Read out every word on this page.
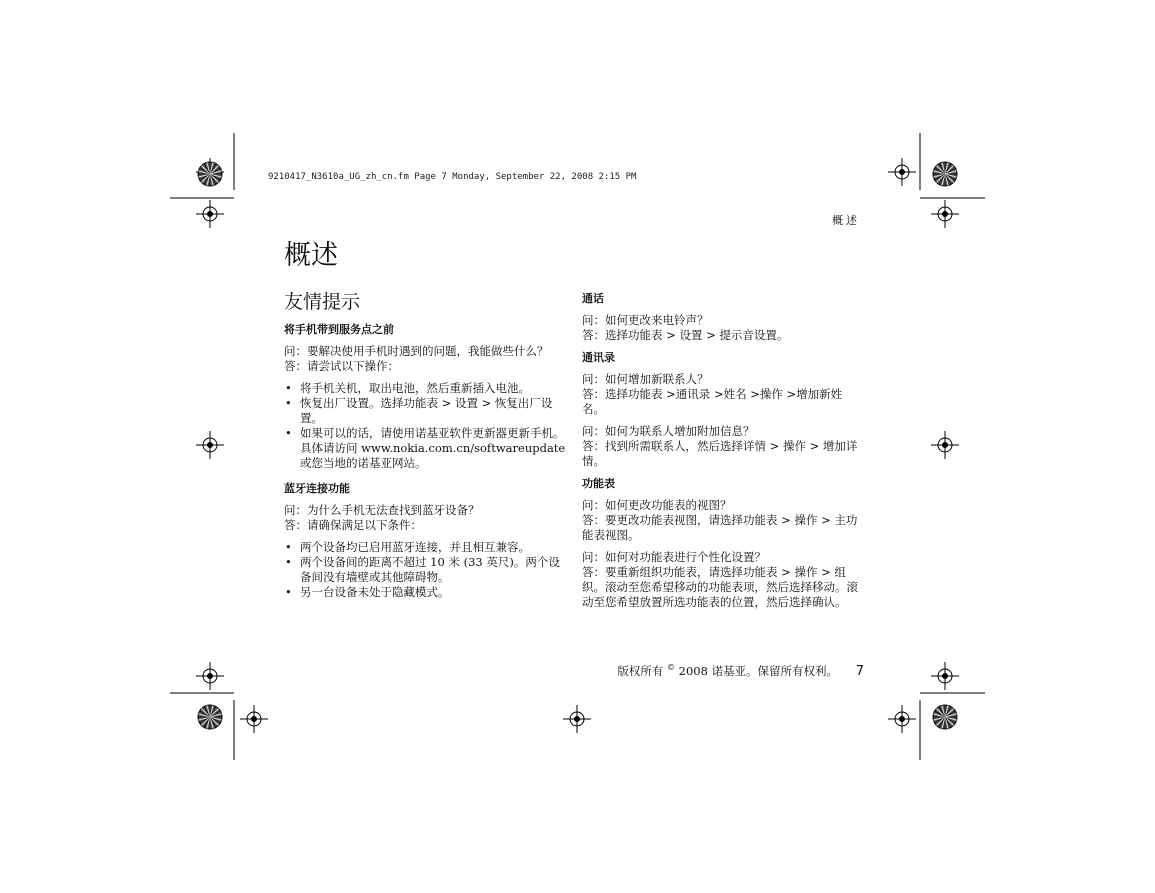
9210417_N3610a_UG_zh_cn.fm Page 7 Monday, September 22, 2008 2:15 PM
概述
概述
友情提示
将手机带到服务点之前

问：要解决使用手机时遇到的问题，我能做些什么？

答：请尝试以下操作：

• 将手机关机，取出电池，然后重新插入电池。
• 恢复出厂设置。选择功能表 > 设置 > 恢复出厂设置。
• 如果可以的话，请使用诺基亚软件更新器更新手机。具体请访问 www.nokia.com.cn/softwareupdate 或您当地的诺基亚网站。
蓝牙连接功能

问：为什么手机无法查找到蓝牙设备？

答：请确保满足以下条件：

• 两个设备均已启用蓝牙连接，并且相互兼容。
• 两个设备间的距离不超过 10 米 (33 英尺)。两个设备间没有墙壁或其他障碍物。
• 另一台设备未处于隐藏模式。
通话

问：如何更改来电铃声？

答：选择功能表 > 设置 > 提示音设置。

通讯录

问：如何增加新联系人？

答：选择功能表 >通讯录 >姓名 >操作 >增加新姓名。

问：如何为联系人增加附加信息？

答：找到所需联系人，然后选择详情 > 操作 > 增加详情。

功能表

问：如何更改功能表的视图？

答：要更改功能表视图，请选择功能表 > 操作 > 主功能表视图。

问：如何对功能表进行个性化设置？

答：要重新组织功能表，请选择功能表 > 操作 > 组织。滚动至您希望移动的功能表项，然后选择移动。滚动至您希望放置所选功能表的位置，然后选择确认。

版权所有 © 2008 诺基亚。保留所有权利。 7
